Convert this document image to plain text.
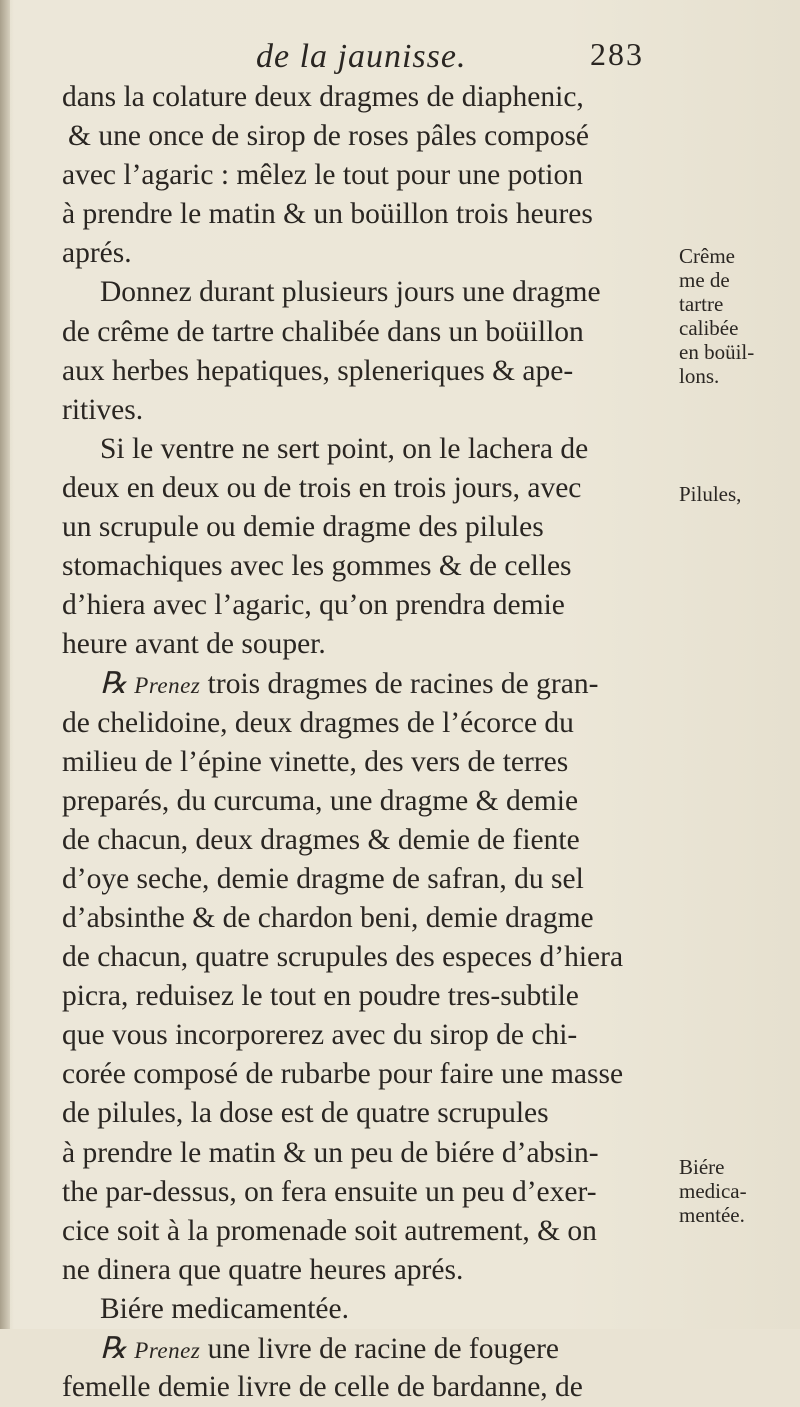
de la jaunisse.	283
dans la colature deux dragmes de diaphenic,
& une once de sirop de roses pâles composé
avec l’agaric : mêlez le tout pour une potion
à prendre le matin & un boüillon trois heures
aprés.
Donnez durant plusieurs jours une dragme
de crême de tartre chalibée dans un boüillon
aux herbes hepatiques, spleneriques & ape-
ritives.
Si le ventre ne sert point, on le lachera de
deux en deux ou de trois en trois jours, avec
un scrupule ou demie dragme des pilules
stomachiques avec les gommes & de celles
d’hiera avec l’agaric, qu’on prendra demie
heure avant de souper.
℞ Prenez trois dragmes de racines de gran-
de chelidoine, deux dragmes de l’écorce du
milieu de l’épine vinette, des vers de terres
preparés, du curcuma, une dragme & demie
de chacun, deux dragmes & demie de fiente
d’oye seche, demie dragme de safran, du sel
d’absinthe & de chardon beni, demie dragme
de chacun, quatre scrupules des especes d’hiera
picra, reduisez le tout en poudre tres-subtile
que vous incorporerez avec du sirop de chi-
corée composé de rubarbe pour faire une masse
de pilules, la dose est de quatre scrupules
à prendre le matin & un peu de biére d’absin-
the par-dessus, on fera ensuite un peu d’exer-
cice soit à la promenade soit autrement, & on
ne dinera que quatre heures aprés.
Biére medicamentée.
℞ Prenez une livre de racine de fougere
femelle demie livre de celle de bardanne, de
Crême
me de
tartre
calibée
en boüil-
lons.
Pilules,
Biére
medica-
mentée.
